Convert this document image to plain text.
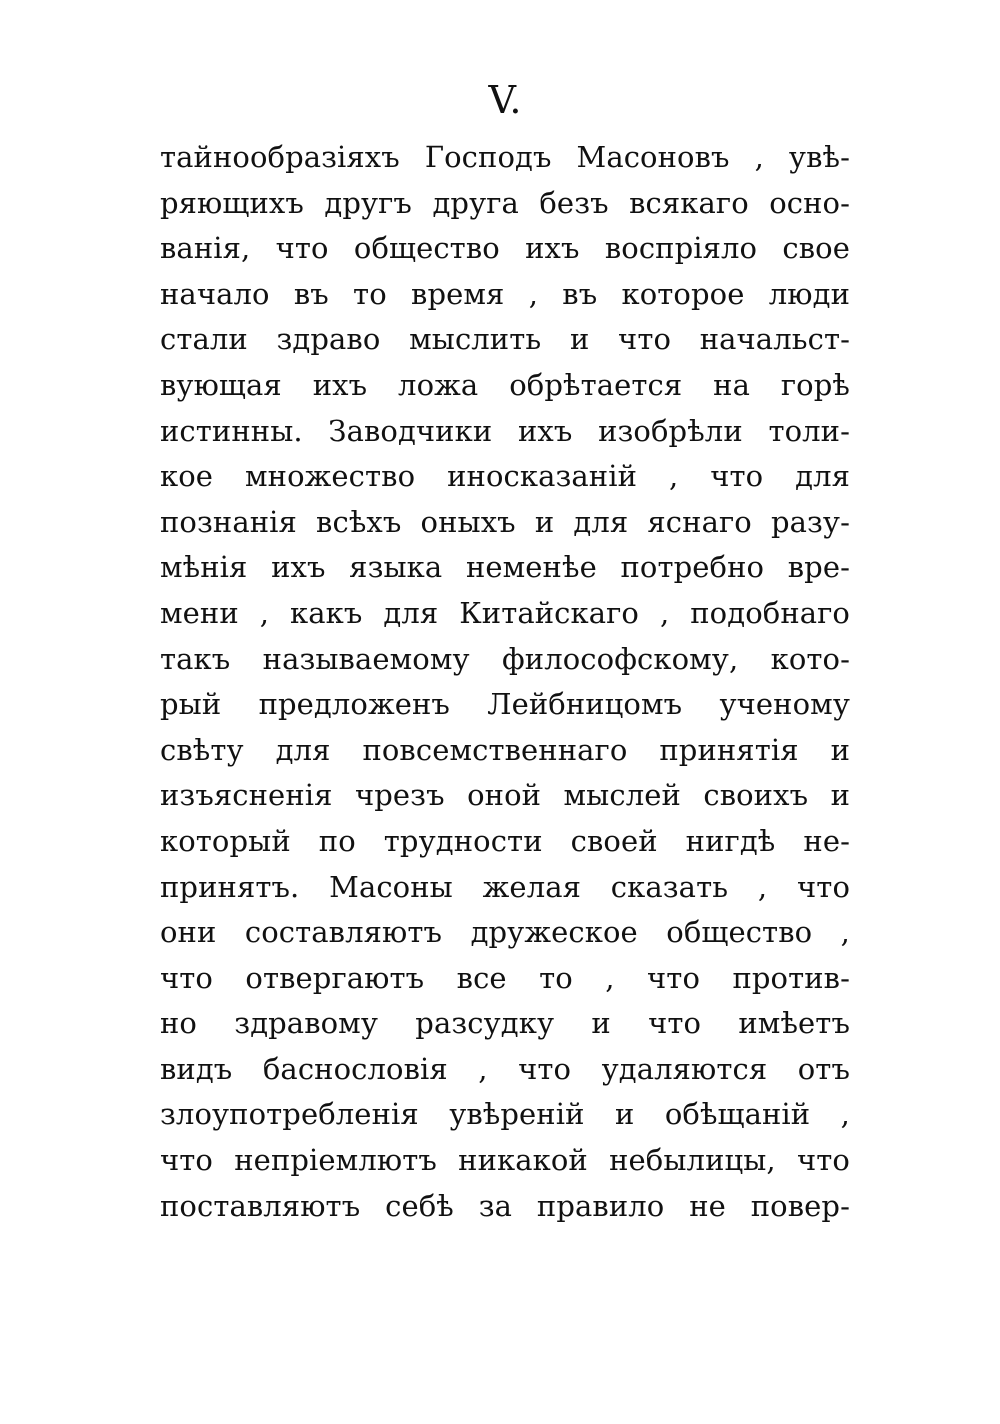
V.
тайнообразіяхъ Господъ Масоновъ , увѣ-
ряющихъ другъ друга безъ всякаго осно-
ванія, что общество ихъ воспріяло свое
начало въ то время , въ которое люди
стали здраво мыслить и что начальст-
вующая ихъ ложа обрѣтается на горѣ
истинны. Заводчики ихъ изобрѣли толи-
кое множество иносказаній , что для
познанія всѣхъ оныхъ и для яснаго разу-
мѣнія ихъ языка неменѣе потребно вре-
мени , какъ для Китайскаго , подобнаго
такъ называемому философскому, кото-
рый предложенъ Лейбницомъ ученому
свѣту для повсемственнаго принятія и
изъясненія чрезъ оной мыслей своихъ и
который по трудности своей нигдѣ не-
принятъ. Масоны желая сказать , что
они составляютъ дружеское общество ,
что отвергаютъ все то , что против-
но здравому разсудку и что имѣетъ
видъ баснословія , что удаляются отъ
злоупотребленія увѣреній и обѣщаній ,
что непріемлютъ никакой небылицы, что
поставляютъ себѣ за правило не повер-
